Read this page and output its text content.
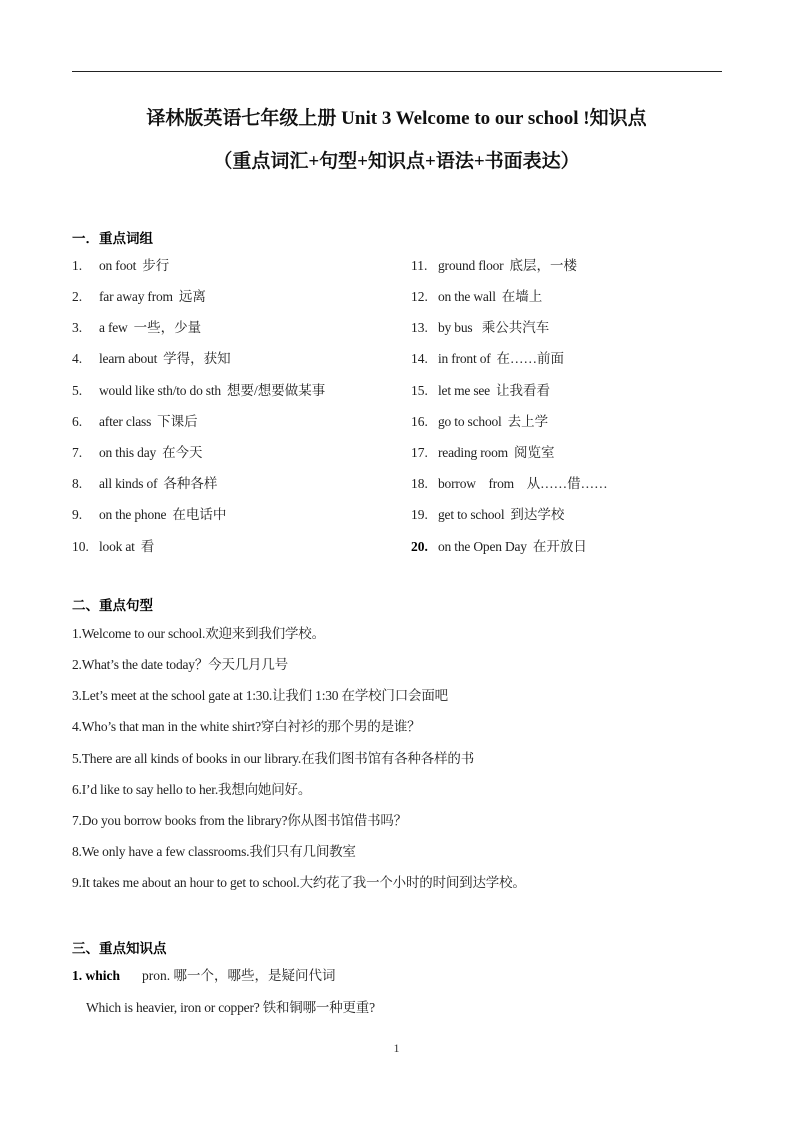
译林版英语七年级上册 Unit 3 Welcome to our school !知识点
（重点词汇+句型+知识点+语法+书面表达）
一．重点词组
1. on foot 步行
2. far away from 远离
3. a few 一些，少量
4. learn about 学得，获知
5. would like sth/to do sth 想要/想要做某事
6. after class 下课后
7. on this day 在今天
8. all kinds of 各种各样
9. on the phone 在电话中
10. look at 看
11. ground floor 底层，一楼
12. on the wall 在墙上
13. by bus 乘公共汽车
14. in front of 在……前面
15. let me see 让我看看
16. go to school 去上学
17. reading room 阅览室
18. borrow    from  从……借……
19. get to school 到达学校
20. on the Open Day 在开放日
二、重点句型
1.Welcome to our school.欢迎来到我们学校。
2.What’s the date today？今天几月几号
3.Let’s meet at the school gate at 1:30.让我们 1:30 在学校门口会面吧
4.Who’s that man in the white shirt?穿白衬衫的那个男的是谁？
5.There are all kinds of books in our library.在我们图书馆有各种各样的书
6.I’d like to say hello to her.我想向她问好。
7.Do you borrow books from the library?你从图书馆借书吗？
8.We only have a few classrooms.我们只有几间教室
9.It takes me about an hour to get to school.大约花了我一个小时的时间到达学校。
三、重点知识点
1. which pron. 哪一个，哪些，是疑问代词
Which is heavier, iron or copper? 铁和铜哪一种更重?
1
